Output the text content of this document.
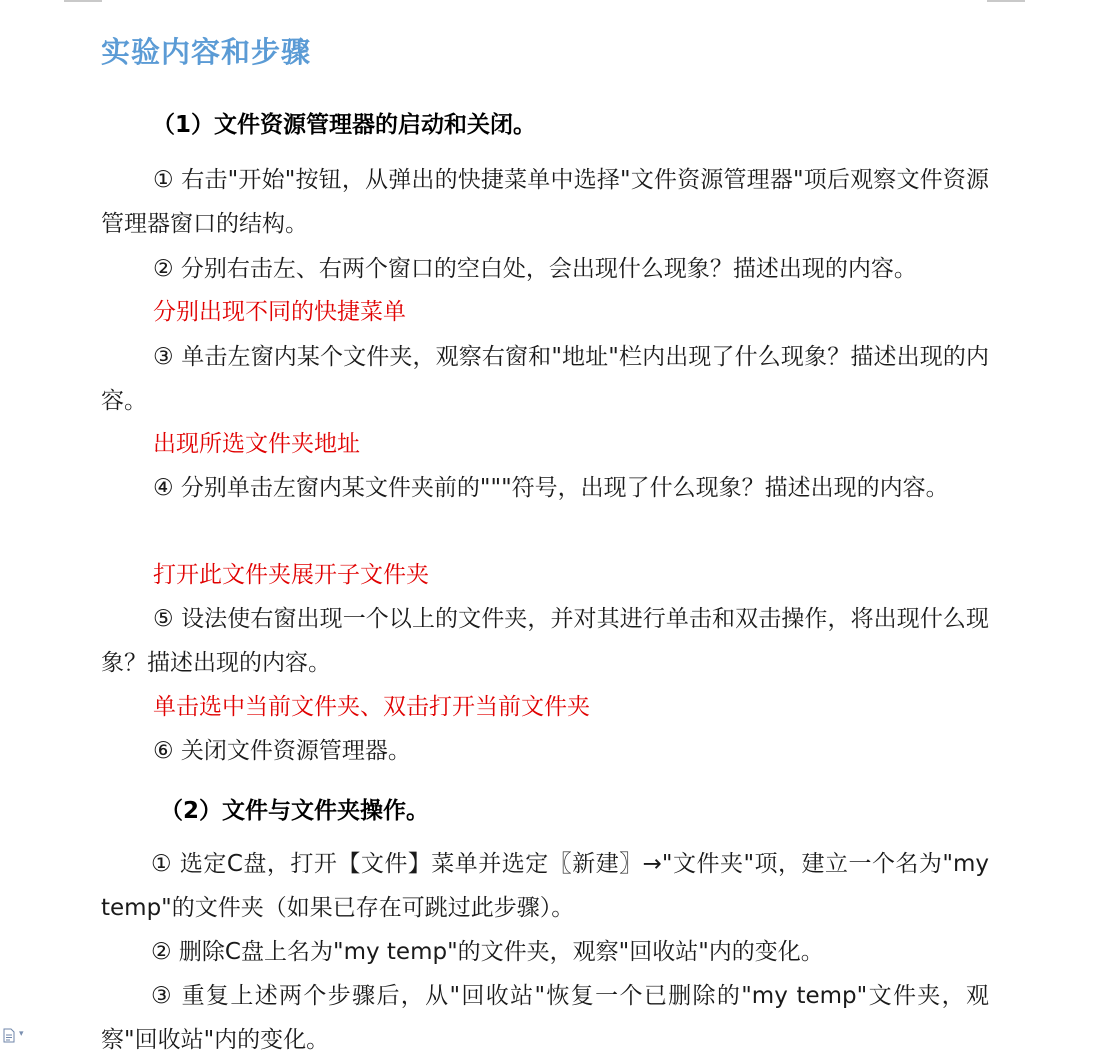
实验内容和步骤
（1）文件资源管理器的启动和关闭。
① 右击"开始"按钮，从弹出的快捷菜单中选择"文件资源管理器"项后观察文件资源管理器窗口的结构。
② 分别右击左、右两个窗口的空白处，会出现什么现象？描述出现的内容。
分别出现不同的快捷菜单
③ 单击左窗内某个文件夹，观察右窗和"地址"栏内出现了什么现象？描述出现的内容。
出现所选文件夹地址
④ 分别单击左窗内某文件夹前的"""符号，出现了什么现象？描述出现的内容。
打开此文件夹展开子文件夹
⑤ 设法使右窗出现一个以上的文件夹，并对其进行单击和双击操作，将出现什么现象？描述出现的内容。
单击选中当前文件夹、双击打开当前文件夹
⑥ 关闭文件资源管理器。
（2）文件与文件夹操作。
① 选定C盘，打开【文件】菜单并选定〖新建〗→"文件夹"项，建立一个名为"my temp"的文件夹（如果已存在可跳过此步骤）。
② 删除C盘上名为"my temp"的文件夹，观察"回收站"内的变化。
③ 重复上述两个步骤后，从"回收站"恢复一个已删除的"my temp"文件夹，观察"回收站"内的变化。
▾
